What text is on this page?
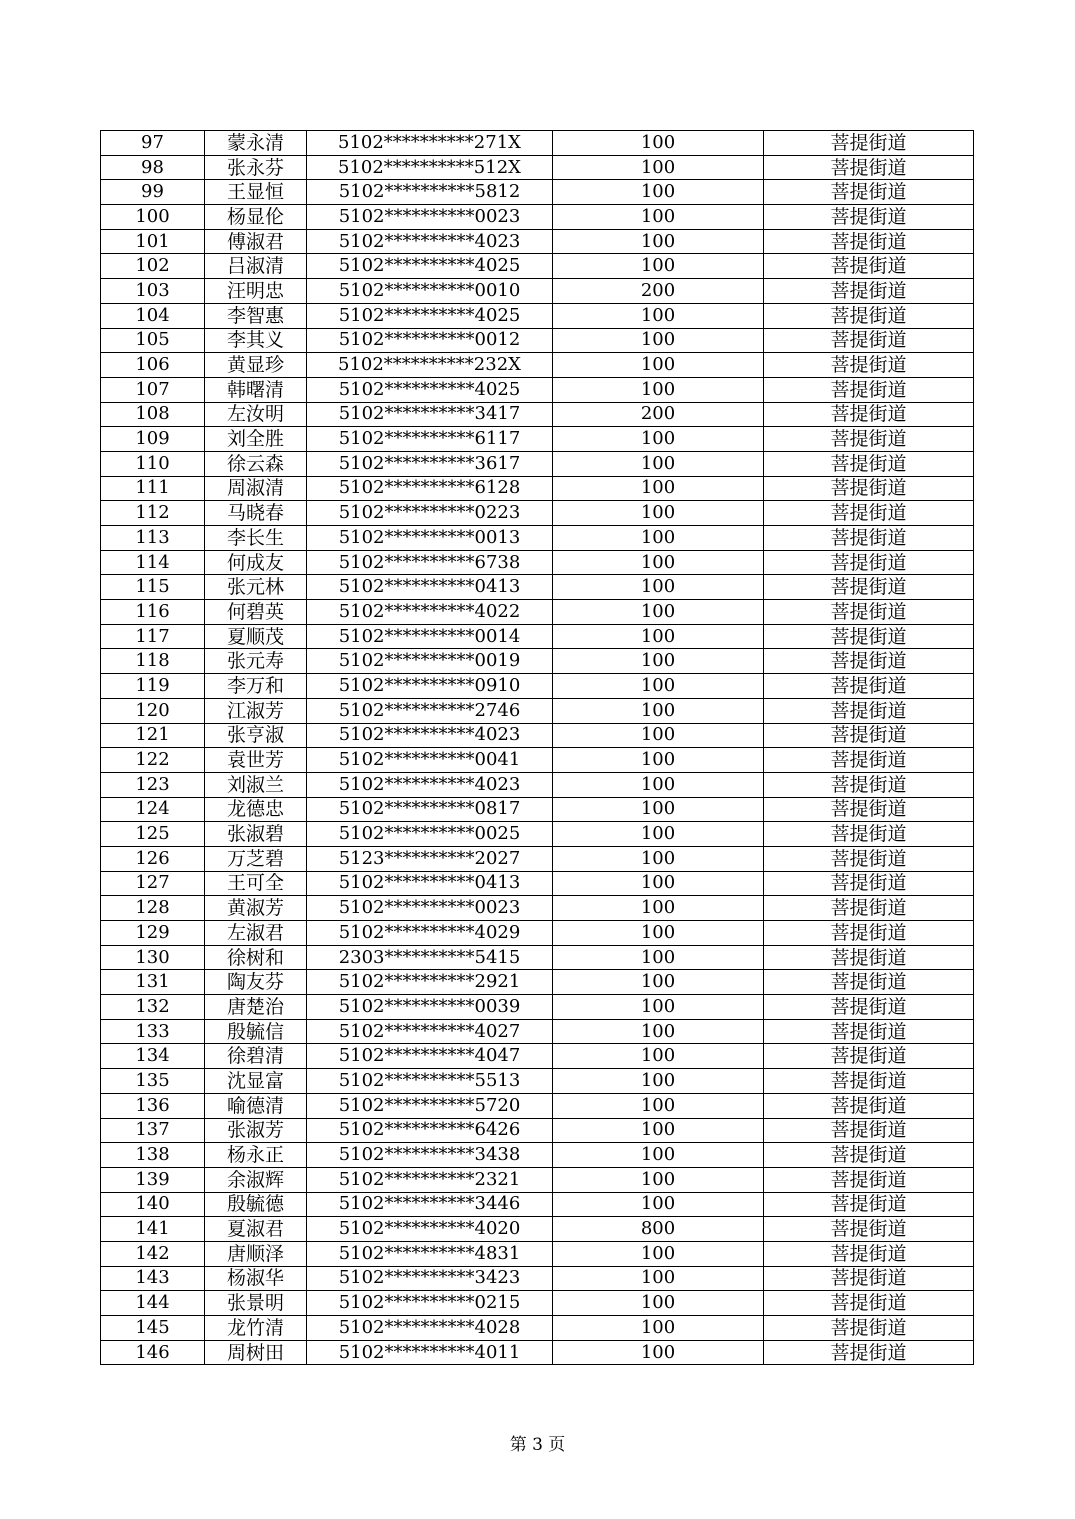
97	蒙永清	5102**********271X	100	菩提街道
98	张永芬	5102**********512X	100	菩提街道
99	王显恒	5102**********5812	100	菩提街道
100	杨显伦	5102**********0023	100	菩提街道
101	傅淑君	5102**********4023	100	菩提街道
102	吕淑清	5102**********4025	100	菩提街道
103	汪明忠	5102**********0010	200	菩提街道
104	李智惠	5102**********4025	100	菩提街道
105	李其义	5102**********0012	100	菩提街道
106	黄显珍	5102**********232X	100	菩提街道
107	韩曙清	5102**********4025	100	菩提街道
108	左汝明	5102**********3417	200	菩提街道
109	刘全胜	5102**********6117	100	菩提街道
110	徐云森	5102**********3617	100	菩提街道
111	周淑清	5102**********6128	100	菩提街道
112	马晓春	5102**********0223	100	菩提街道
113	李长生	5102**********0013	100	菩提街道
114	何成友	5102**********6738	100	菩提街道
115	张元林	5102**********0413	100	菩提街道
116	何碧英	5102**********4022	100	菩提街道
117	夏顺茂	5102**********0014	100	菩提街道
118	张元寿	5102**********0019	100	菩提街道
119	李万和	5102**********0910	100	菩提街道
120	江淑芳	5102**********2746	100	菩提街道
121	张亨淑	5102**********4023	100	菩提街道
122	袁世芳	5102**********0041	100	菩提街道
123	刘淑兰	5102**********4023	100	菩提街道
124	龙德忠	5102**********0817	100	菩提街道
125	张淑碧	5102**********0025	100	菩提街道
126	万芝碧	5123**********2027	100	菩提街道
127	王可全	5102**********0413	100	菩提街道
128	黄淑芳	5102**********0023	100	菩提街道
129	左淑君	5102**********4029	100	菩提街道
130	徐树和	2303**********5415	100	菩提街道
131	陶友芬	5102**********2921	100	菩提街道
132	唐楚治	5102**********0039	100	菩提街道
133	殷毓信	5102**********4027	100	菩提街道
134	徐碧清	5102**********4047	100	菩提街道
135	沈显富	5102**********5513	100	菩提街道
136	喻德清	5102**********5720	100	菩提街道
137	张淑芳	5102**********6426	100	菩提街道
138	杨永正	5102**********3438	100	菩提街道
139	余淑辉	5102**********2321	100	菩提街道
140	殷毓德	5102**********3446	100	菩提街道
141	夏淑君	5102**********4020	800	菩提街道
142	唐顺泽	5102**********4831	100	菩提街道
143	杨淑华	5102**********3423	100	菩提街道
144	张景明	5102**********0215	100	菩提街道
145	龙竹清	5102**********4028	100	菩提街道
146	周树田	5102**********4011	100	菩提街道
第 3 页
